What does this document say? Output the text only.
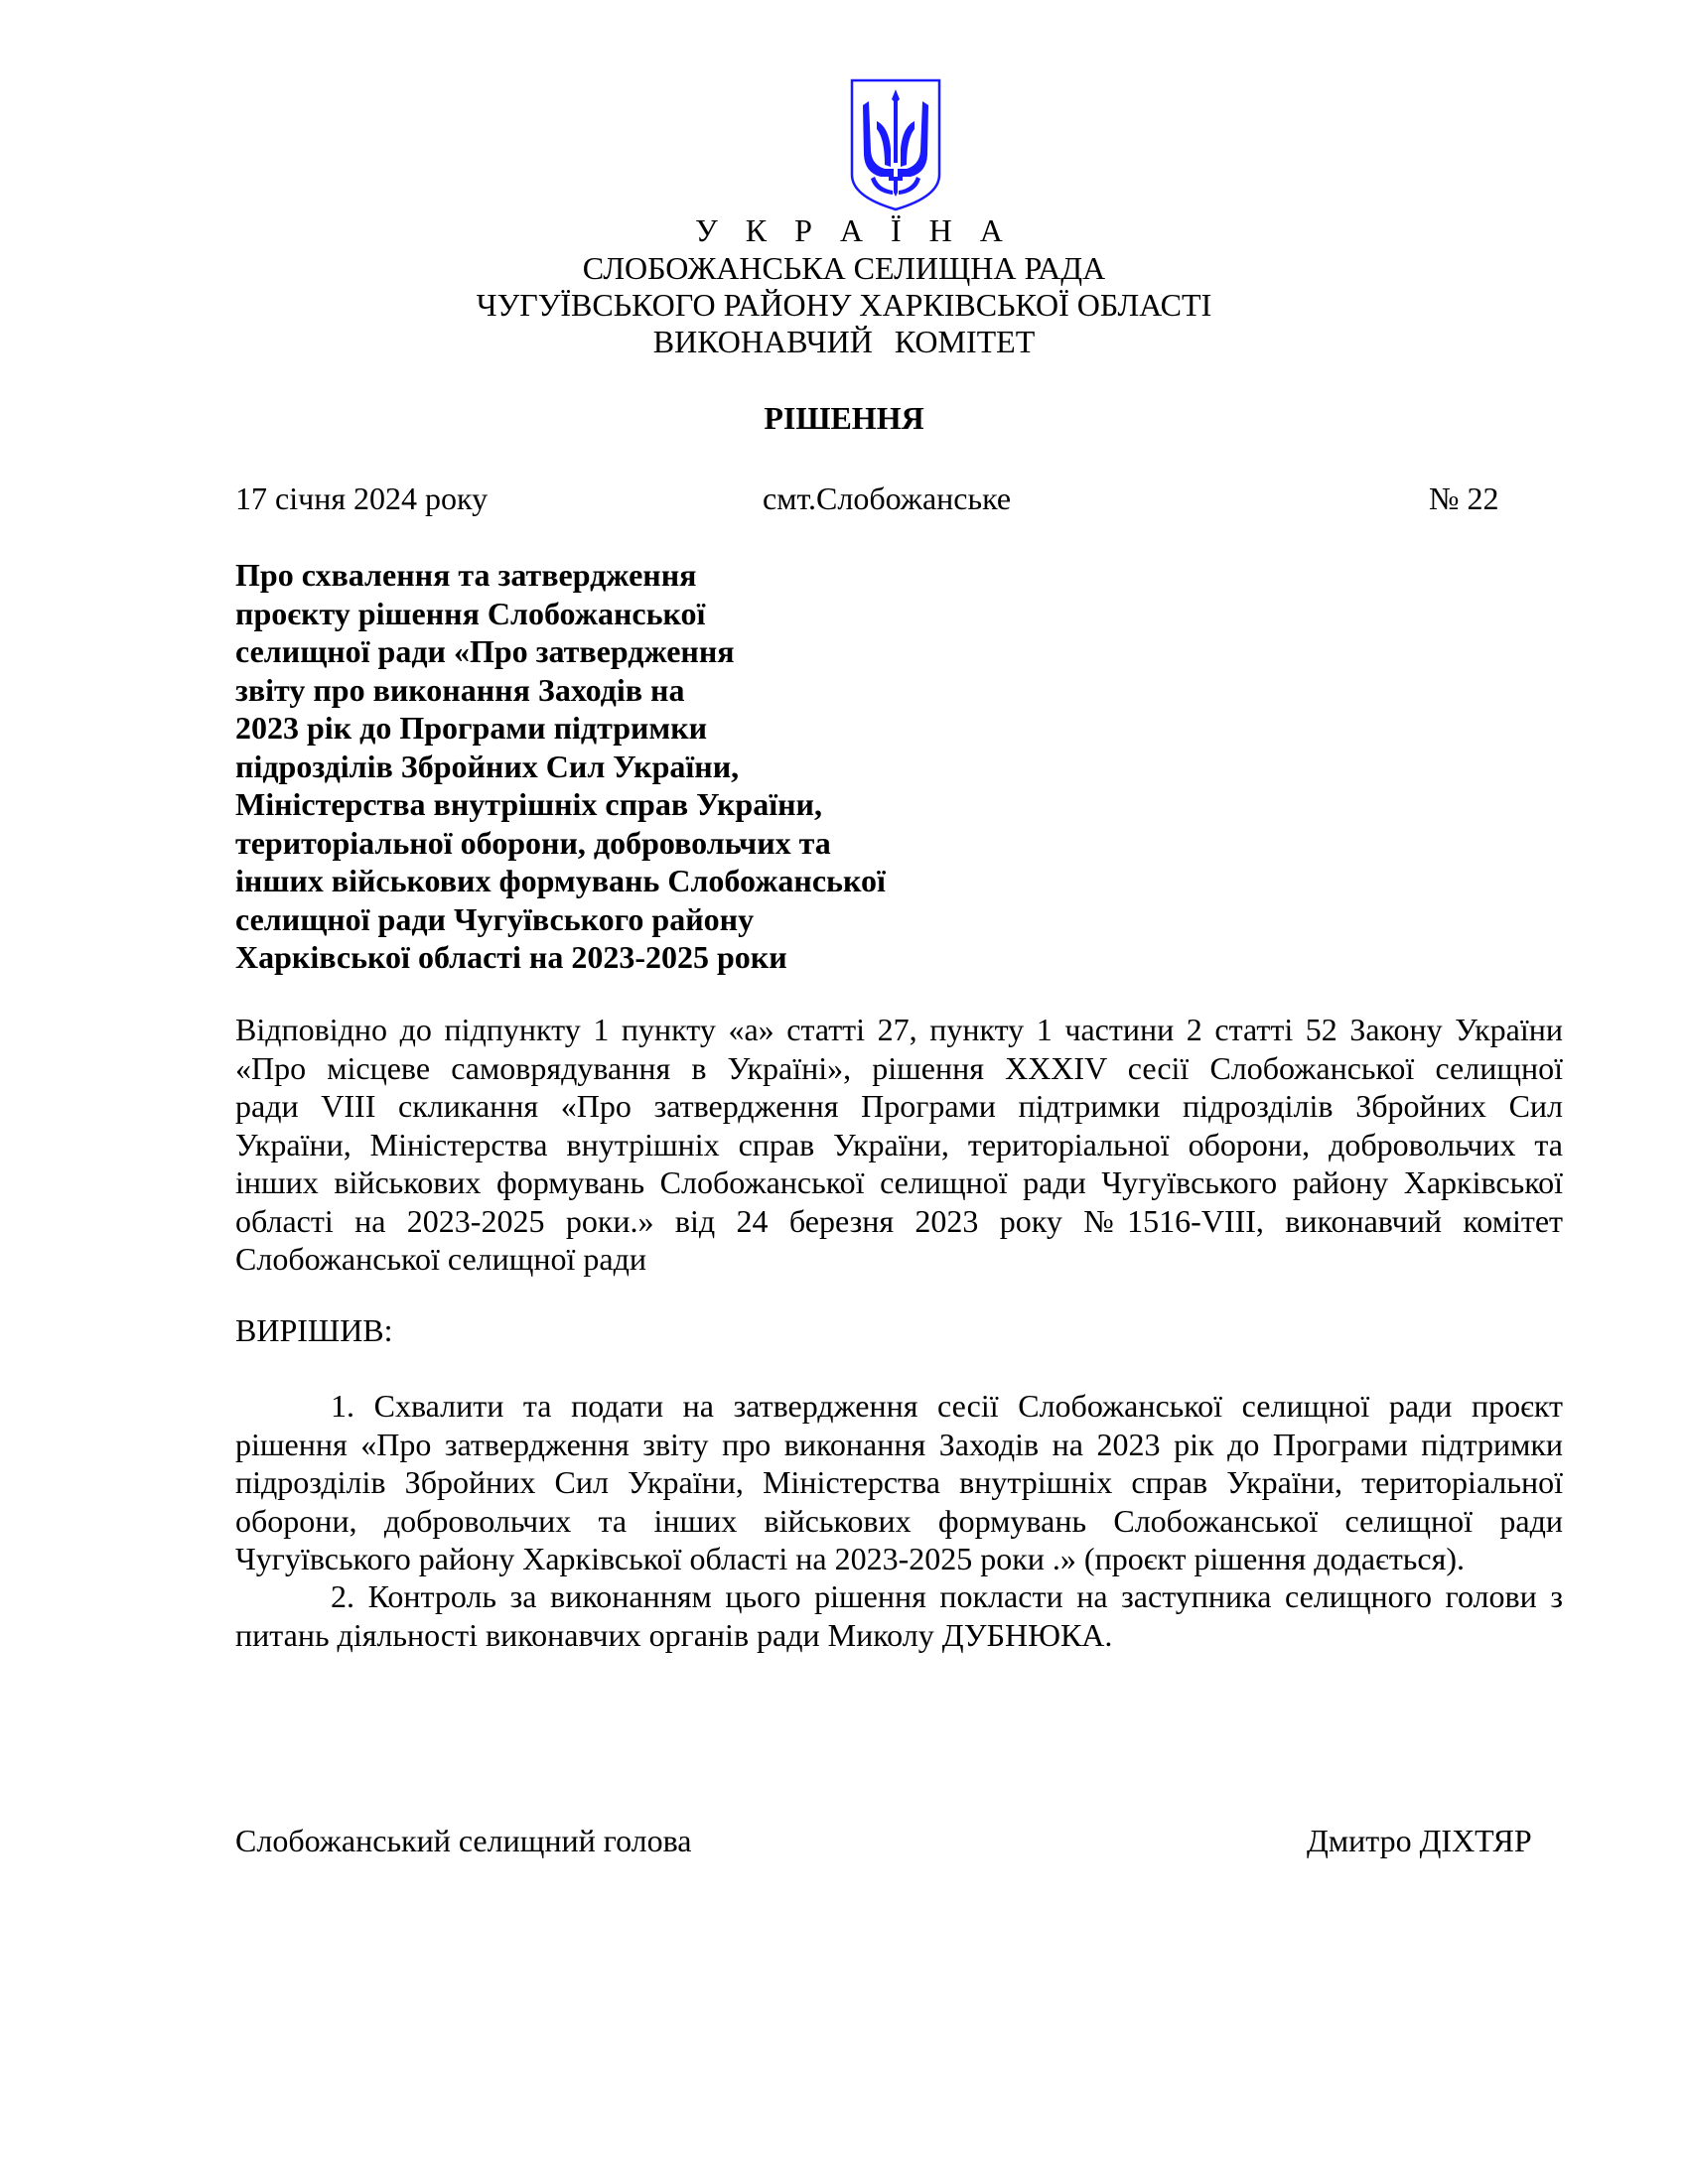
У К Р А Ї Н А

СЛОБОЖАНСЬКА СЕЛИЩНА РАДА

ЧУГУЇВСЬКОГО РАЙОНУ ХАРКІВСЬКОЇ ОБЛАСТІ

ВИКОНАВЧИЙ КОМІТЕТ

РІШЕННЯ

17 січня 2024 року	смт.Слобожанське	№ 22

Про схвалення та затвердження
проєкту рішення Слобожанської
селищної ради «Про затвердження
звіту про виконання Заходів на
2023 рік до Програми підтримки
підрозділів Збройних Сил України,
Міністерства внутрішніх справ України,
територіальної оборони, добровольчих та
інших військових формувань Слобожанської
селищної ради Чугуївського району
Харківської області на 2023-2025 роки

Відповідно до підпункту 1 пункту «а» статті 27, пункту 1 частини 2 статті 52 Закону України
«Про місцеве самоврядування в Україні», рішення XXXIV сесії Слобожанської селищної
ради VIII скликання «Про затвердження Програми підтримки підрозділів Збройних Сил
України, Міністерства внутрішніх справ України, територіальної оборони, добровольчих та
інших військових формувань Слобожанської селищної ради Чугуївського району Харківської
області на 2023-2025 роки.» від 24 березня 2023 року №1516-VIII, виконавчий комітет
Слобожанської селищної ради

ВИРІШИВ:

1. Схвалити та подати на затвердження сесії Слобожанської селищної ради проєкт
рішення «Про затвердження звіту про виконання Заходів на 2023 рік до Програми підтримки
підрозділів Збройних Сил України, Міністерства внутрішніх справ України, територіальної
оборони, добровольчих та інших військових формувань Слобожанської селищної ради
Чугуївського району Харківської області на 2023-2025 роки .» (проєкт рішення додається).

2. Контроль за виконанням цього рішення покласти на заступника селищного голови з
питань діяльності виконавчих органів ради Миколу ДУБНЮКА.

Слобожанський селищний голова	Дмитро ДІХТЯР
